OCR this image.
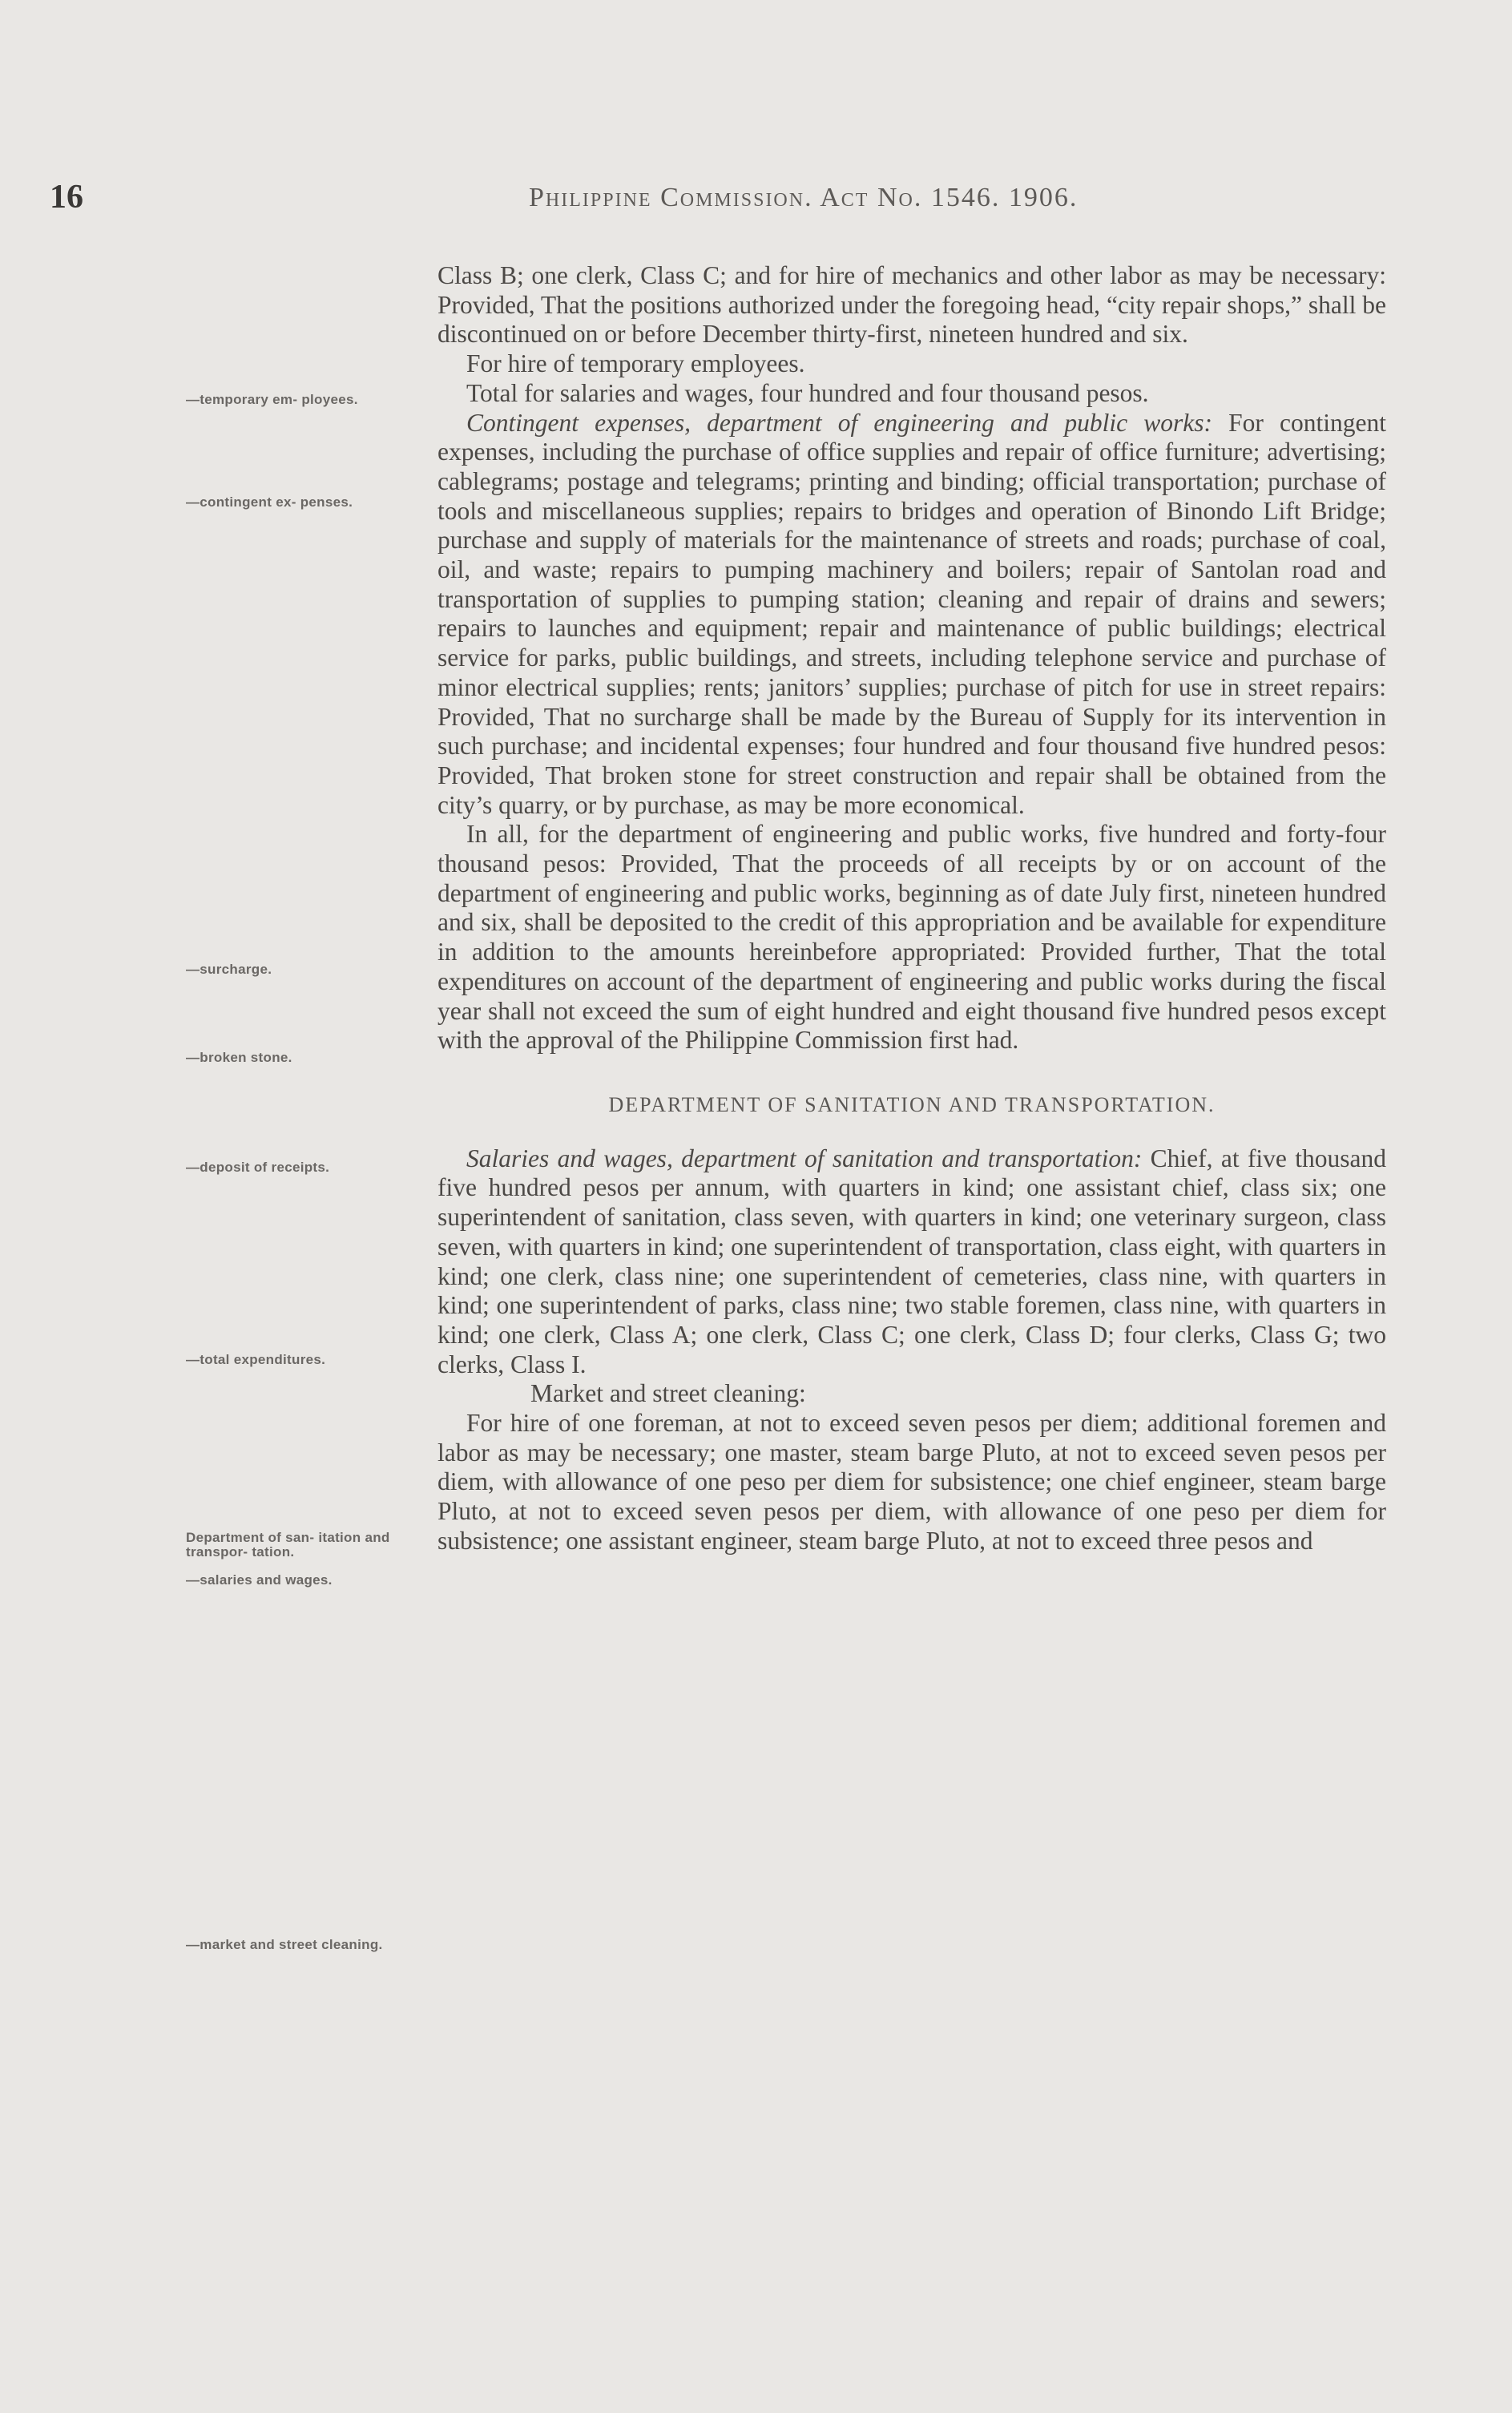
16	Philippine Commission. Act No. 1546. 1906.
—temporary em- ployees.
—contingent ex- penses.
—surcharge.
—broken stone.
—deposit of receipts.
—total expenditures.
Department of san- itation and transpor- tation.
—salaries and wages.
—market and street cleaning.

Class B; one clerk, Class C; and for hire of mechanics and other labor as may be necessary: Provided, That the positions authorized under the foregoing head, “city repair shops,” shall be discontinued on or before December thirty-first, nineteen hundred and six.

For hire of temporary employees.

Total for salaries and wages, four hundred and four thousand pesos.

Contingent expenses, department of engineering and public works: For contingent expenses, including the purchase of office supplies and repair of office furniture; advertising; cablegrams; postage and telegrams; printing and binding; official transportation; purchase of tools and miscellaneous supplies; repairs to bridges and operation of Binondo Lift Bridge; purchase and supply of materials for the maintenance of streets and roads; purchase of coal, oil, and waste; repairs to pumping machinery and boilers; repair of Santolan road and transportation of supplies to pumping station; cleaning and repair of drains and sewers; repairs to launches and equipment; repair and maintenance of public buildings; electrical service for parks, public buildings, and streets, including telephone service and purchase of minor electrical supplies; rents; janitors’ supplies; purchase of pitch for use in street repairs: Provided, That no surcharge shall be made by the Bureau of Supply for its intervention in such purchase; and incidental expenses; four hundred and four thousand five hundred pesos: Provided, That broken stone for street construction and repair shall be obtained from the city’s quarry, or by purchase, as may be more economical.

In all, for the department of engineering and public works, five hundred and forty-four thousand pesos: Provided, That the proceeds of all receipts by or on account of the department of engineering and public works, beginning as of date July first, nineteen hundred and six, shall be deposited to the credit of this appropriation and be available for expenditure in addition to the amounts hereinbefore appropriated: Provided further, That the total expenditures on account of the department of engineering and public works during the fiscal year shall not exceed the sum of eight hundred and eight thousand five hundred pesos except with the approval of the Philippine Commission first had.

DEPARTMENT OF SANITATION AND TRANSPORTATION.

Salaries and wages, department of sanitation and transportation: Chief, at five thousand five hundred pesos per annum, with quarters in kind; one assistant chief, class six; one superintendent of sanitation, class seven, with quarters in kind; one veterinary surgeon, class seven, with quarters in kind; one superintendent of transportation, class eight, with quarters in kind; one clerk, class nine; one superintendent of cemeteries, class nine, with quarters in kind; one superintendent of parks, class nine; two stable foremen, class nine, with quarters in kind; one clerk, Class A; one clerk, Class C; one clerk, Class D; four clerks, Class G; two clerks, Class I.

Market and street cleaning:

For hire of one foreman, at not to exceed seven pesos per diem; additional foremen and labor as may be necessary; one master, steam barge Pluto, at not to exceed seven pesos per diem, with allowance of one peso per diem for subsistence; one chief engineer, steam barge Pluto, at not to exceed seven pesos per diem, with allowance of one peso per diem for subsistence; one assistant engineer, steam barge Pluto, at not to exceed three pesos and
